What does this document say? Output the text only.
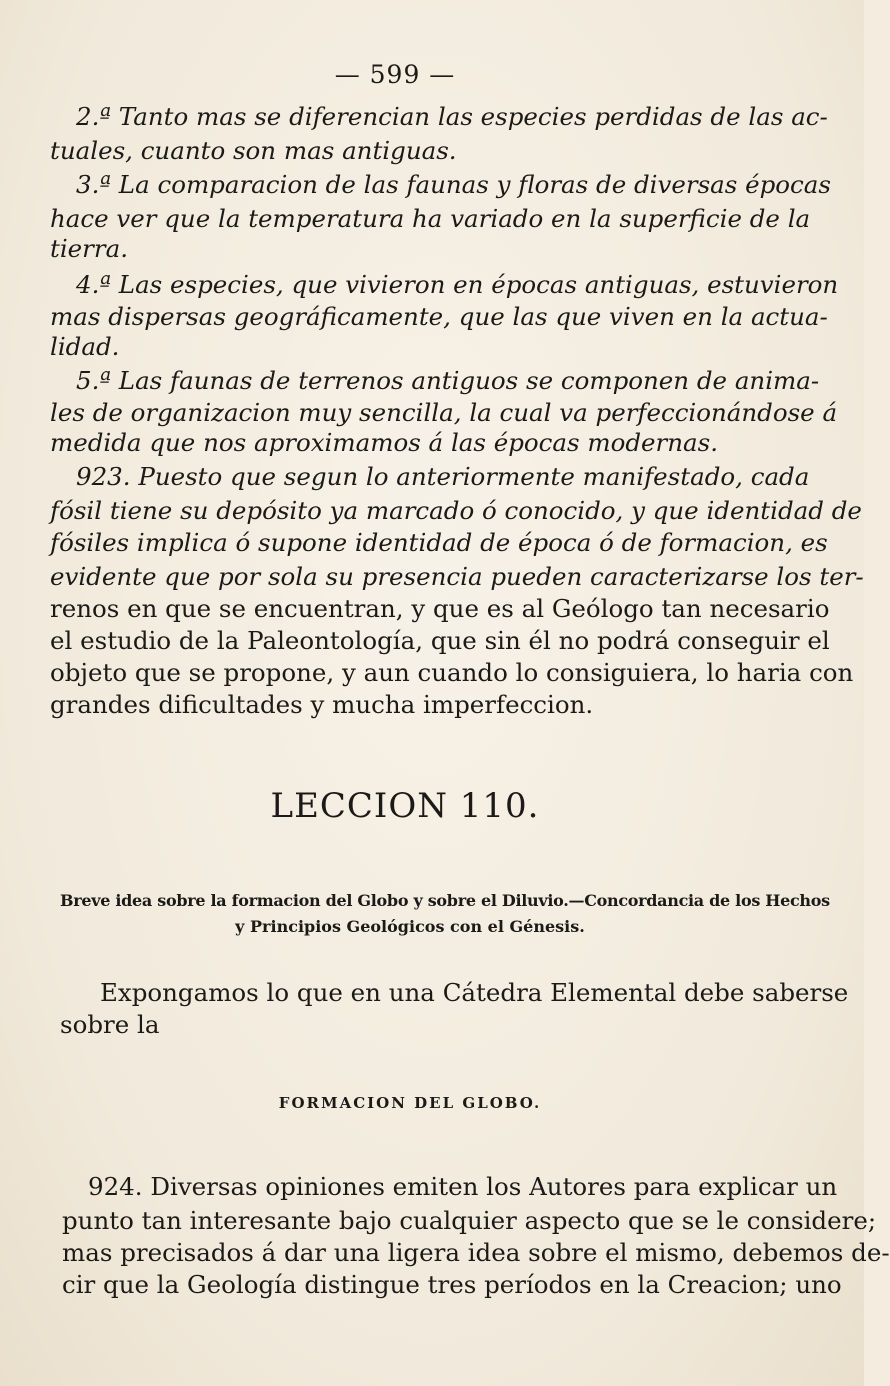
— 599 —
2.ª Tanto mas se diferencian las especies perdidas de las ac-
tuales, cuanto son mas antiguas.
3.ª La comparacion de las faunas y floras de diversas épocas
hace ver que la temperatura ha variado en la superficie de la
tierra.
4.ª Las especies, que vivieron en épocas antiguas, estuvieron
mas dispersas geográficamente, que las que viven en la actua-
lidad.
5.ª Las faunas de terrenos antiguos se componen de anima-
les de organizacion muy sencilla, la cual va perfeccionándose á
medida que nos aproximamos á las épocas modernas.
923. Puesto que segun lo anteriormente manifestado, cada
fósil tiene su depósito ya marcado ó conocido, y que identidad de
fósiles implica ó supone identidad de época ó de formacion, es
evidente que por sola su presencia pueden caracterizarse los ter-
renos en que se encuentran, y que es al Geólogo tan necesario
el estudio de la Paleontología, que sin él no podrá conseguir el
objeto que se propone, y aun cuando lo consiguiera, lo haria con
grandes dificultades y mucha imperfeccion.
LECCION 110.
Breve idea sobre la formacion del Globo y sobre el Diluvio.—Concordancia de los Hechos
y Principios Geológicos con el Génesis.
Expongamos lo que en una Cátedra Elemental debe saberse
sobre la
FORMACION DEL GLOBO.
924. Diversas opiniones emiten los Autores para explicar un
punto tan interesante bajo cualquier aspecto que se le considere;
mas precisados á dar una ligera idea sobre el mismo, debemos de-
cir que la Geología distingue tres períodos en la Creacion; uno
